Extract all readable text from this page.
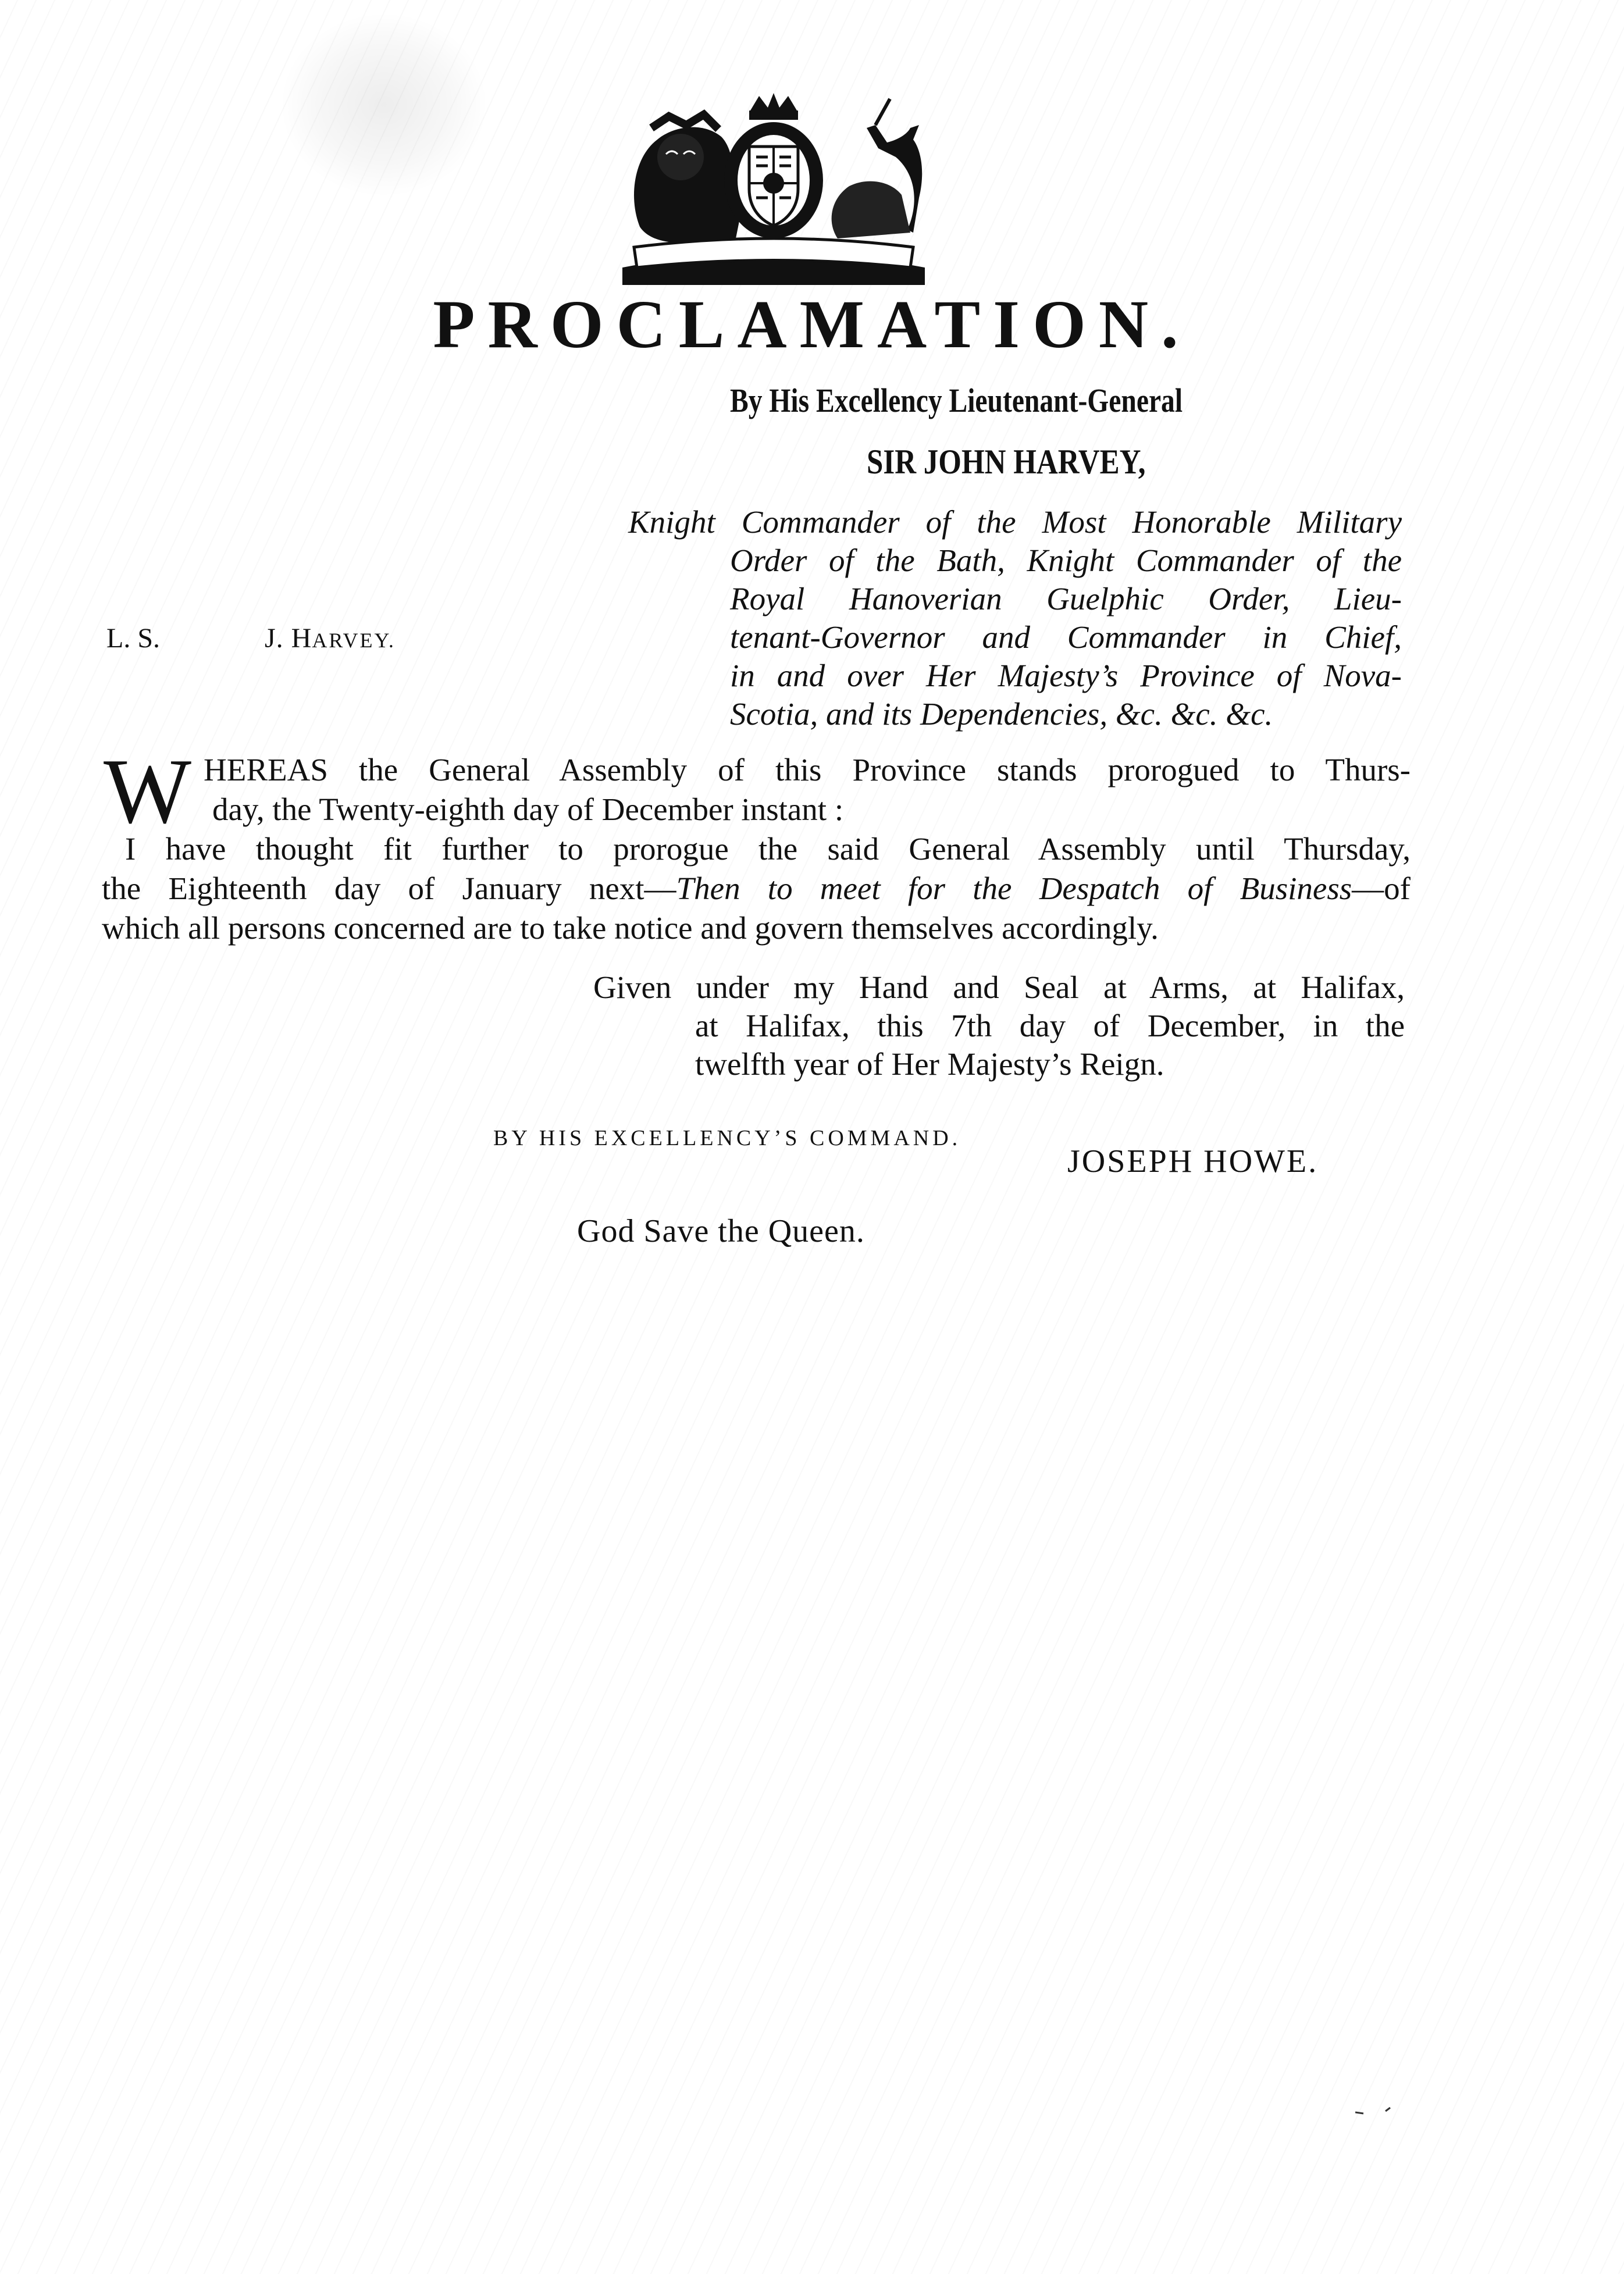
PROCLAMATION.
By His Excellency Lieutenant-General
SIR JOHN HARVEY,
Knight Commander of the Most Honorable Military
Order of the Bath, Knight Commander of the
Royal Hanoverian Guelphic Order, Lieu-
tenant-Governor and Commander in Chief,
in and over Her Majesty’s Province of Nova-
Scotia, and its Dependencies, &c. &c. &c.
L. S.	J. HARVEY.
W HEREAS the General Assembly of this Province stands prorogued to Thurs-
day, the Twenty-eighth day of December instant :
I have thought fit further to prorogue the said General Assembly until Thursday,
the Eighteenth day of January next—Then to meet for the Despatch of Business—of
which all persons concerned are to take notice and govern themselves accordingly.
Given under my Hand and Seal at Arms, at Halifax,
at Halifax, this 7th day of December, in the
twelfth year of Her Majesty’s Reign.
BY HIS EXCELLENCY’S COMMAND.
JOSEPH HOWE.
God Save the Queen.
